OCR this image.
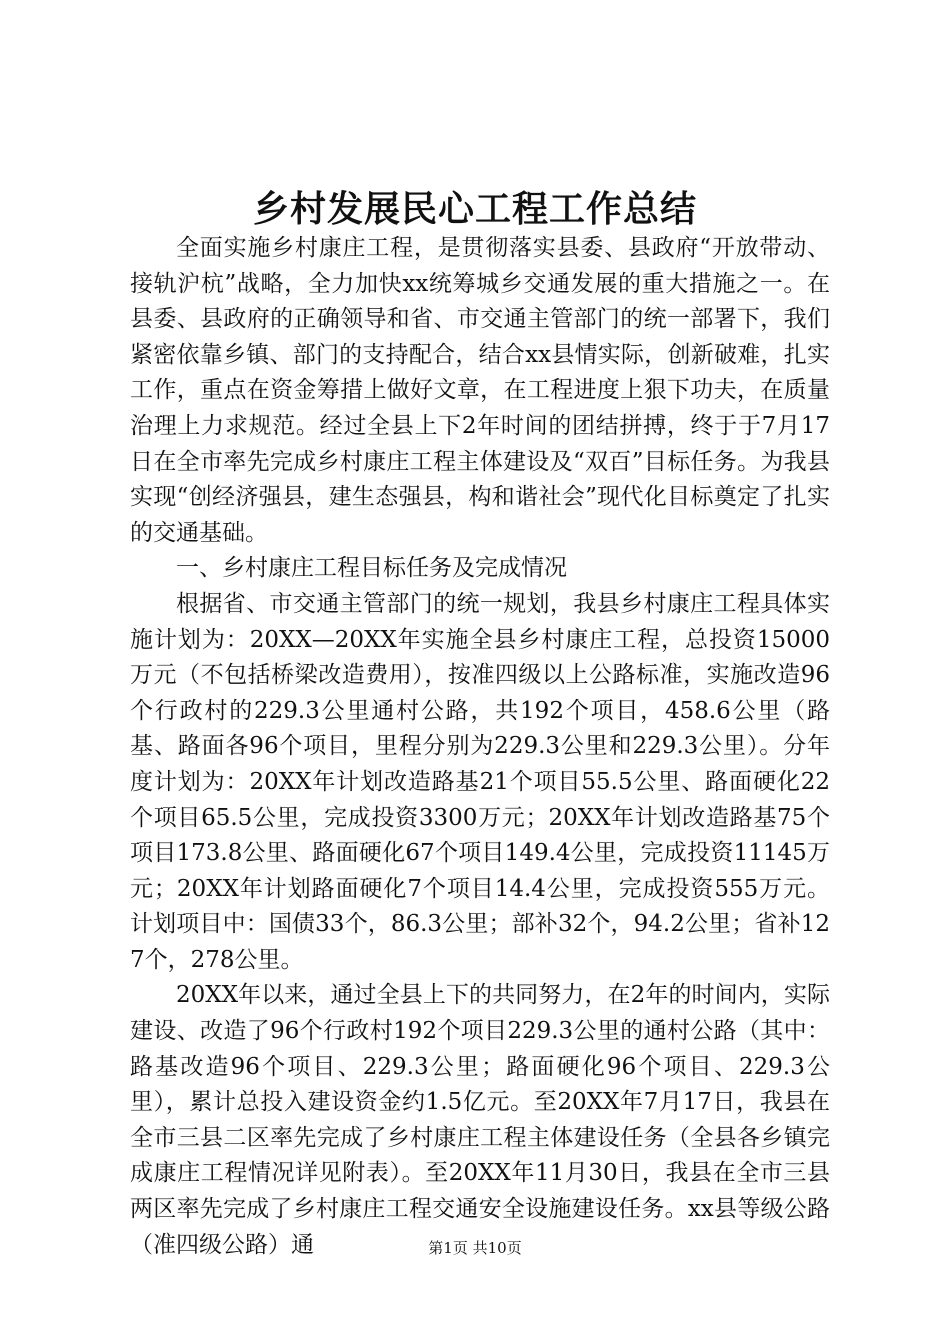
乡村发展民心工程工作总结

全面实施乡村康庄工程，是贯彻落实县委、县政府“开放带动、接轨沪杭”战略，全力加快xx统筹城乡交通发展的重大措施之一。在县委、县政府的正确领导和省、市交通主管部门的统一部署下，我们紧密依靠乡镇、部门的支持配合，结合xx县情实际，创新破难，扎实工作，重点在资金筹措上做好文章，在工程进度上狠下功夫，在质量治理上力求规范。经过全县上下2年时间的团结拼搏，终于于7月17日在全市率先完成乡村康庄工程主体建设及“双百”目标任务。为我县实现“创经济强县，建生态强县，构和谐社会”现代化目标奠定了扎实的交通基础。

一、乡村康庄工程目标任务及完成情况

根据省、市交通主管部门的统一规划，我县乡村康庄工程具体实施计划为：20XX—20XX年实施全县乡村康庄工程，总投资15000万元（不包括桥梁改造费用），按准四级以上公路标准，实施改造96个行政村的229.3公里通村公路，共192个项目，458.6公里（路基、路面各96个项目，里程分别为229.3公里和229.3公里）。分年度计划为：20XX年计划改造路基21个项目55.5公里、路面硬化22个项目65.5公里，完成投资3300万元；20XX年计划改造路基75个项目173.8公里、路面硬化67个项目149.4公里，完成投资11145万元；20XX年计划路面硬化7个项目14.4公里，完成投资555万元。计划项目中：国债33个，86.3公里；部补32个，94.2公里；省补127个，278公里。

20XX年以来，通过全县上下的共同努力，在2年的时间内，实际建设、改造了96个行政村192个项目229.3公里的通村公路（其中：路基改造96个项目、229.3公里；路面硬化96个项目、229.3公里），累计总投入建设资金约1.5亿元。至20XX年7月17日，我县在全市三县二区率先完成了乡村康庄工程主体建设任务（全县各乡镇完成康庄工程情况详见附表）。至20XX年11月30日，我县在全市三县两区率先完成了乡村康庄工程交通安全设施建设任务。xx县等级公路（准四级公路）通	第1页 共10页
